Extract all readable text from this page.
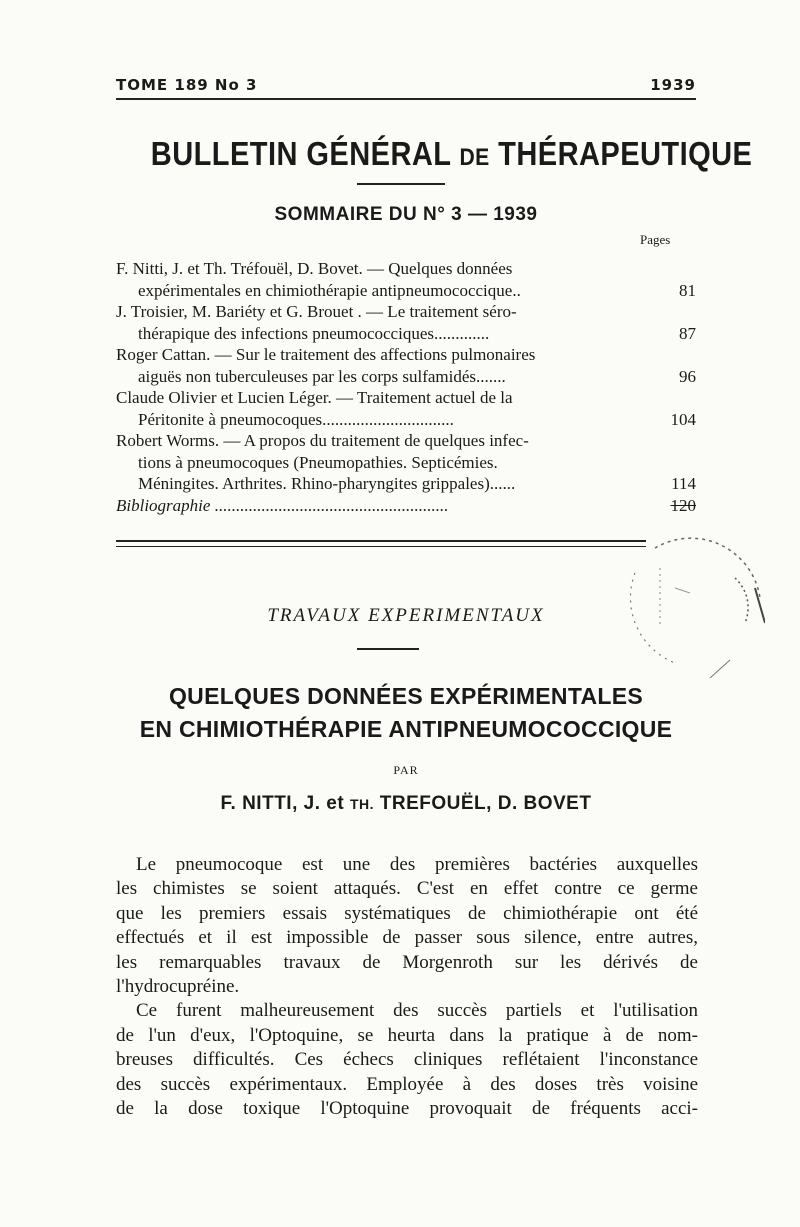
TOME 189 No 3	1939
BULLETIN GÉNÉRAL DE THÉRAPEUTIQUE
SOMMAIRE DU N° 3 — 1939
Pages
F. Nitti, J. et Th. Tréfouël, D. Bovet. — Quelques données
expérimentales en chimiothérapie antipneumococcique..	81
J. Troisier, M. Bariéty et G. Brouet . — Le traitement séro-
thérapique des infections pneumococciques.............	87
Roger Cattan. — Sur le traitement des affections pulmonaires
aiguës non tuberculeuses par les corps sulfamidés.......	96
Claude Olivier et Lucien Léger. — Traitement actuel de la
Péritonite à pneumocoques...............................	104
Robert Worms. — A propos du traitement de quelques infec-
tions à pneumocoques (Pneumopathies. Septicémies.
Méningites. Arthrites. Rhino-pharyngites grippales)......	114
Bibliographie .......................................................	120
TRAVAUX EXPERIMENTAUX
QUELQUES DONNÉES EXPÉRIMENTALES
EN CHIMIOTHÉRAPIE ANTIPNEUMOCOCCIQUE
PAR
F. NITTI, J. et TH. TREFOUËL, D. BOVET
Le pneumocoque est une des premières bactéries auxquelles
les chimistes se soient attaqués. C'est en effet contre ce germe
que les premiers essais systématiques de chimiothérapie ont été
effectués et il est impossible de passer sous silence, entre autres,
les remarquables travaux de Morgenroth sur les dérivés de
l'hydrocupréine.
Ce furent malheureusement des succès partiels et l'utilisation
de l'un d'eux, l'Optoquine, se heurta dans la pratique à de nom-
breuses difficultés. Ces échecs cliniques reflétaient l'inconstance
des succès expérimentaux. Employée à des doses très voisine
de la dose toxique l'Optoquine provoquait de fréquents acci-
